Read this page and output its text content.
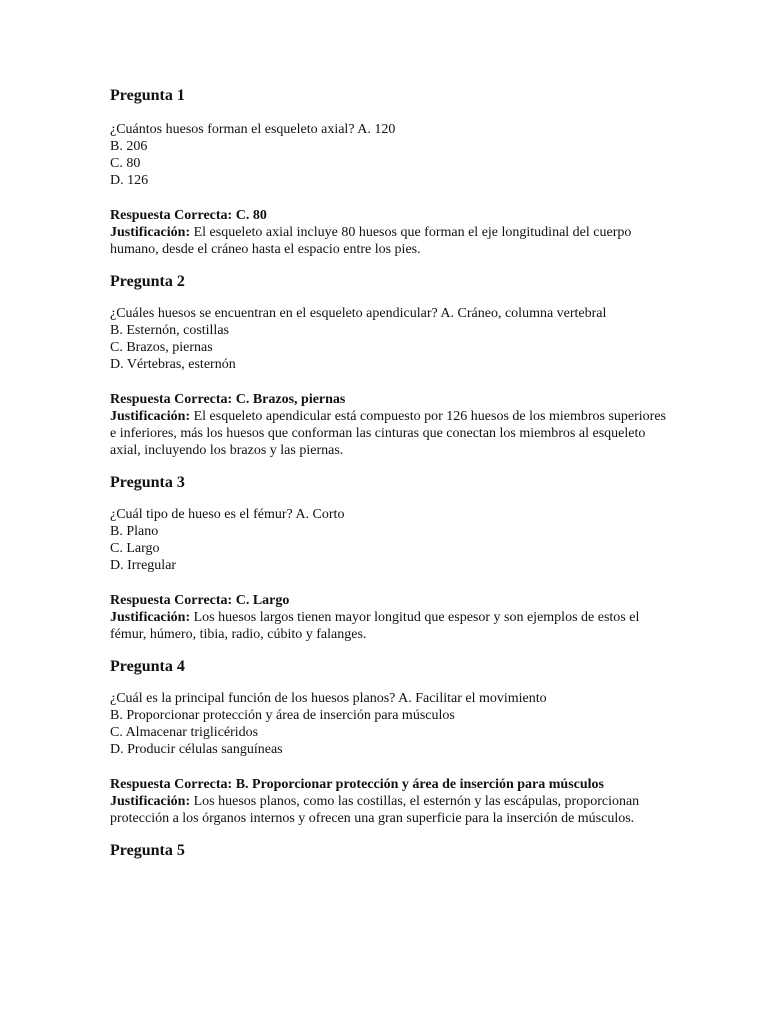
Pregunta 1
¿Cuántos huesos forman el esqueleto axial? A. 120
B. 206
C. 80
D. 126
Respuesta Correcta: C. 80
Justificación: El esqueleto axial incluye 80 huesos que forman el eje longitudinal del cuerpo humano, desde el cráneo hasta el espacio entre los pies.
Pregunta 2
¿Cuáles huesos se encuentran en el esqueleto apendicular? A. Cráneo, columna vertebral
B. Esternón, costillas
C. Brazos, piernas
D. Vértebras, esternón
Respuesta Correcta: C. Brazos, piernas
Justificación: El esqueleto apendicular está compuesto por 126 huesos de los miembros superiores e inferiores, más los huesos que conforman las cinturas que conectan los miembros al esqueleto axial, incluyendo los brazos y las piernas.
Pregunta 3
¿Cuál tipo de hueso es el fémur? A. Corto
B. Plano
C. Largo
D. Irregular
Respuesta Correcta: C. Largo
Justificación: Los huesos largos tienen mayor longitud que espesor y son ejemplos de estos el fémur, húmero, tibia, radio, cúbito y falanges.
Pregunta 4
¿Cuál es la principal función de los huesos planos? A. Facilitar el movimiento
B. Proporcionar protección y área de inserción para músculos
C. Almacenar triglicéridos
D. Producir células sanguíneas
Respuesta Correcta: B. Proporcionar protección y área de inserción para músculos
Justificación: Los huesos planos, como las costillas, el esternón y las escápulas, proporcionan protección a los órganos internos y ofrecen una gran superficie para la inserción de músculos.
Pregunta 5
